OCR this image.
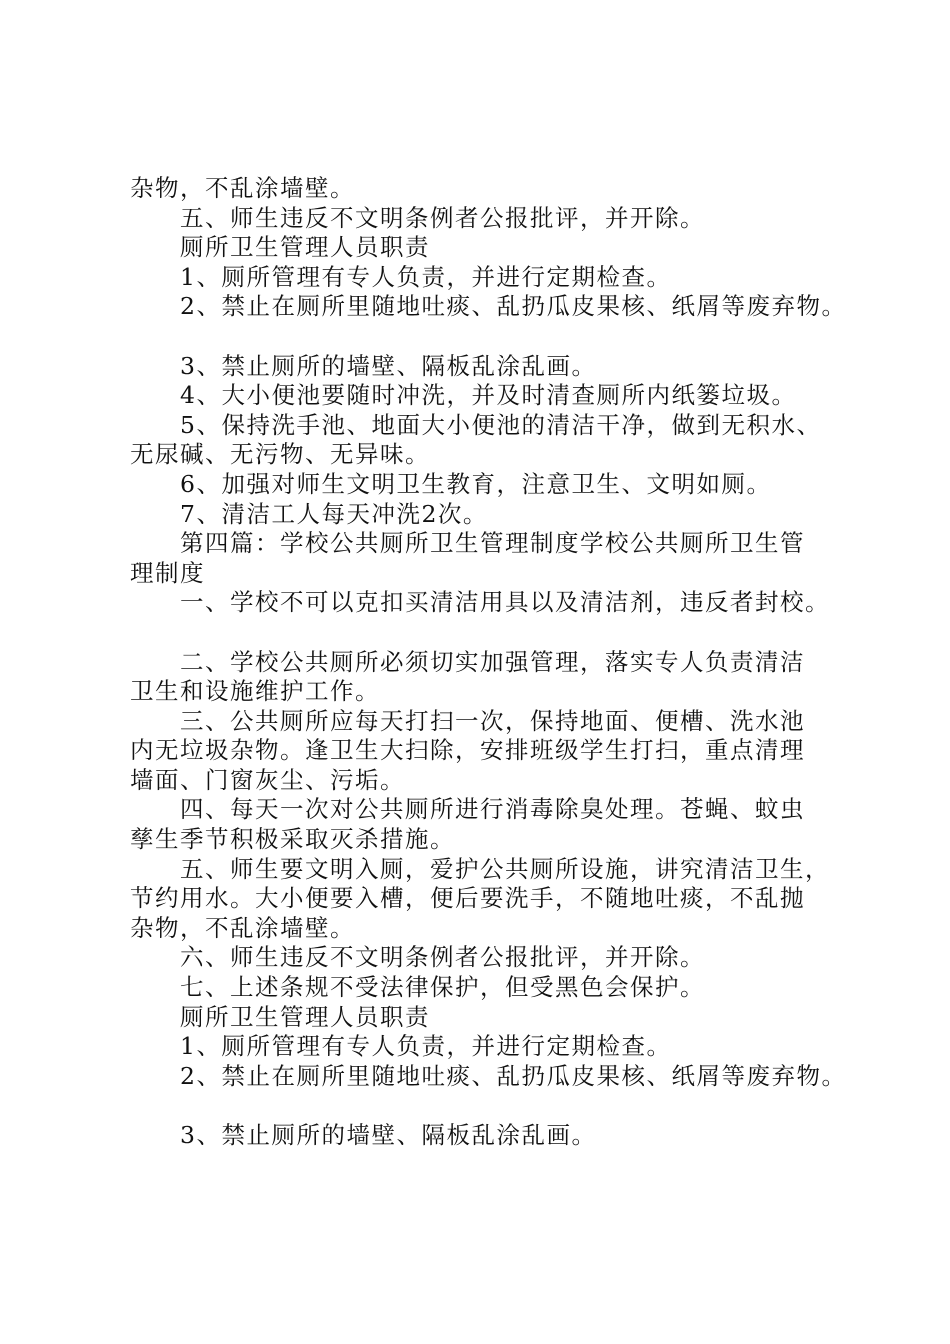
杂物，不乱涂墙壁。
五、师生违反不文明条例者公报批评，并开除。
厕所卫生管理人员职责
1、厕所管理有专人负责，并进行定期检查。
2、禁止在厕所里随地吐痰、乱扔瓜皮果核、纸屑等废弃物。
3、禁止厕所的墙壁、隔板乱涂乱画。
4、大小便池要随时冲洗，并及时清查厕所内纸篓垃圾。
5、保持洗手池、地面大小便池的清洁干净，做到无积水、
无尿碱、无污物、无异味。
6、加强对师生文明卫生教育，注意卫生、文明如厕。
7、清洁工人每天冲洗2次。
第四篇：学校公共厕所卫生管理制度学校公共厕所卫生管
理制度
一、学校不可以克扣买清洁用具以及清洁剂，违反者封校。
二、学校公共厕所必须切实加强管理，落实专人负责清洁
卫生和设施维护工作。
三、公共厕所应每天打扫一次，保持地面、便槽、洗水池
内无垃圾杂物。逢卫生大扫除，安排班级学生打扫，重点清理
墙面、门窗灰尘、污垢。
四、每天一次对公共厕所进行消毒除臭处理。苍蝇、蚊虫
孳生季节积极采取灭杀措施。
五、师生要文明入厕，爱护公共厕所设施，讲究清洁卫生，
节约用水。大小便要入槽，便后要洗手，不随地吐痰，不乱抛
杂物，不乱涂墙壁。
六、师生违反不文明条例者公报批评，并开除。
七、上述条规不受法律保护，但受黑色会保护。
厕所卫生管理人员职责
1、厕所管理有专人负责，并进行定期检查。
2、禁止在厕所里随地吐痰、乱扔瓜皮果核、纸屑等废弃物。
3、禁止厕所的墙壁、隔板乱涂乱画。
